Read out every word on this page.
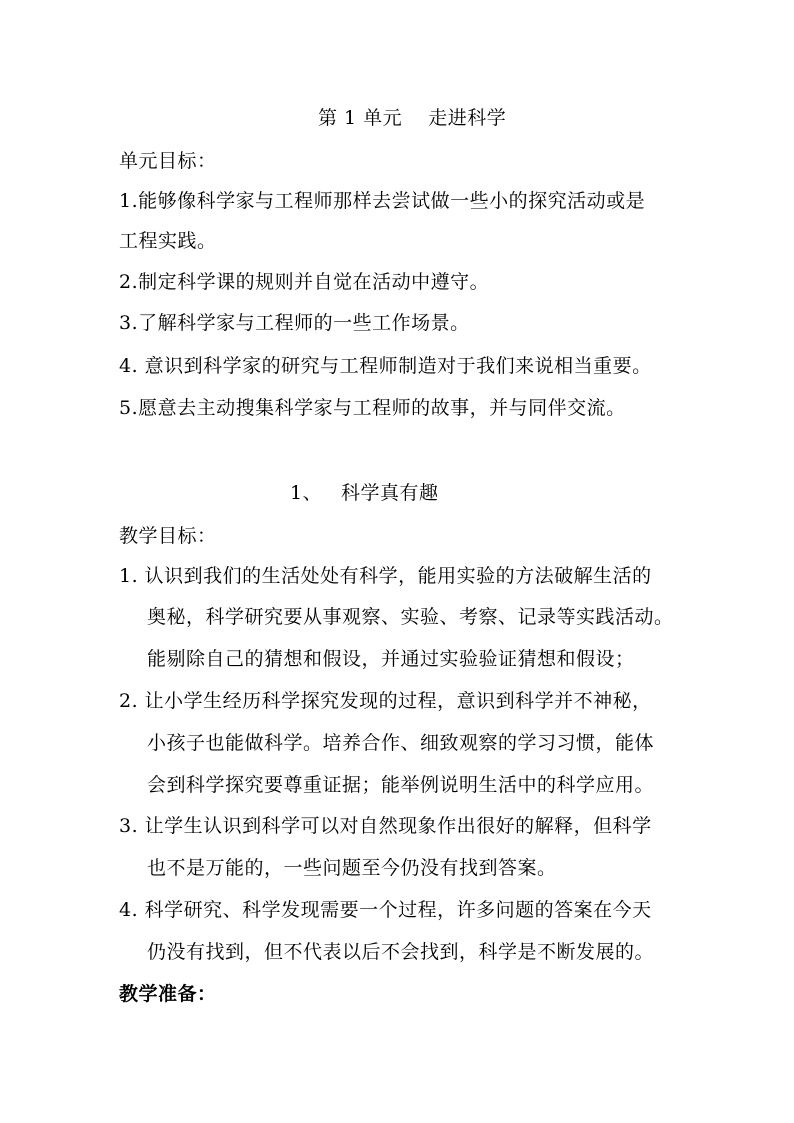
第 1 单元　 走进科学
单元目标：
1.能够像科学家与工程师那样去尝试做一些小的探究活动或是
工程实践。
2.制定科学课的规则并自觉在活动中遵守。
3.了解科学家与工程师的一些工作场景。
4. 意识到科学家的研究与工程师制造对于我们来说相当重要。
5.愿意去主动搜集科学家与工程师的故事，并与同伴交流。
1、 科学真有趣
教学目标：
1. 认识到我们的生活处处有科学，能用实验的方法破解生活的
奥秘，科学研究要从事观察、实验、考察、记录等实践活动。
能剔除自己的猜想和假设，并通过实验验证猜想和假设；
2. 让小学生经历科学探究发现的过程，意识到科学并不神秘，
小孩子也能做科学。培养合作、细致观察的学习习惯，能体
会到科学探究要尊重证据；能举例说明生活中的科学应用。
3. 让学生认识到科学可以对自然现象作出很好的解释，但科学
也不是万能的，一些问题至今仍没有找到答案。
4. 科学研究、科学发现需要一个过程，许多问题的答案在今天
仍没有找到，但不代表以后不会找到，科学是不断发展的。
教学准备：
